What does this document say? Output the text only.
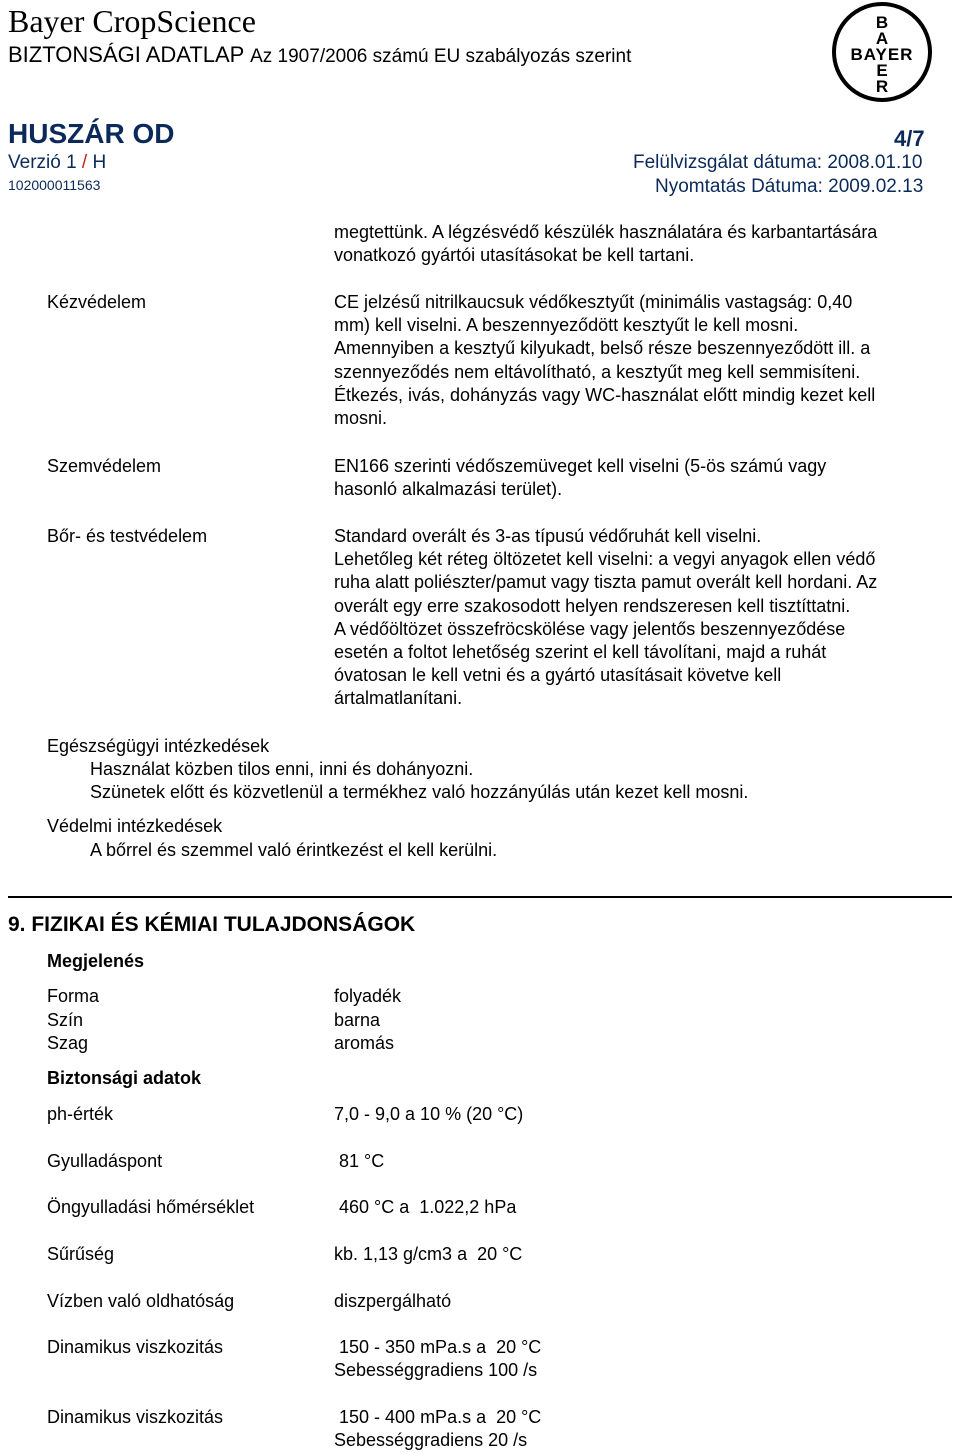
Bayer CropScience
BIZTONSÁGI ADATLAP Az 1907/2006 számú EU szabályozás szerint
B
A
BAYER
E
R
HUSZÁR OD	4/7
Verzió 1 / H	Felülvizsgálat dátuma: 2008.01.10
102000011563	Nyomtatás Dátuma: 2009.02.13
megtettünk. A légzésvédő készülék használatára és karbantartására
vonatkozó gyártói utasításokat be kell tartani.
Kézvédelem	CE jelzésű nitrilkaucsuk védőkesztyűt (minimális vastagság: 0,40
mm) kell viselni. A beszennyeződött kesztyűt le kell mosni.
Amennyiben a kesztyű kilyukadt, belső része beszennyeződött ill. a
szennyeződés nem eltávolítható, a kesztyűt meg kell semmisíteni.
Étkezés, ivás, dohányzás vagy WC-használat előtt mindig kezet kell
mosni.
Szemvédelem	EN166 szerinti védőszemüveget kell viselni (5-ös számú vagy
hasonló alkalmazási terület).
Bőr- és testvédelem	Standard overált és 3-as típusú védőruhát kell viselni.
Lehetőleg két réteg öltözetet kell viselni: a vegyi anyagok ellen védő
ruha alatt poliészter/pamut vagy tiszta pamut overált kell hordani. Az
overált egy erre szakosodott helyen rendszeresen kell tisztíttatni.
A védőöltözet összefröcskölése vagy jelentős beszennyeződése
esetén a foltot lehetőség szerint el kell távolítani, majd a ruhát
óvatosan le kell vetni és a gyártó utasításait követve kell
ártalmatlanítani.
Egészségügyi intézkedések
Használat közben tilos enni, inni és dohányozni.
Szünetek előtt és közvetlenül a termékhez való hozzányúlás után kezet kell mosni.
Védelmi intézkedések
A bőrrel és szemmel való érintkezést el kell kerülni.
9. FIZIKAI ÉS KÉMIAI TULAJDONSÁGOK
Megjelenés
Forma	folyadék
Szín	barna
Szag	aromás
Biztonsági adatok
ph-érték	7,0 - 9,0 a 10 % (20 °C)
Gyulladáspont	81 °C
Öngyulladási hőmérséklet	460 °C a  1.022,2 hPa
Sűrűség	kb. 1,13 g/cm3 a  20 °C
Vízben való oldhatóság	diszpergálható
Dinamikus viszkozitás	150 - 350 mPa.s a  20 °C
Sebességgradiens 100 /s
Dinamikus viszkozitás	150 - 400 mPa.s a  20 °C
Sebességgradiens 20 /s
